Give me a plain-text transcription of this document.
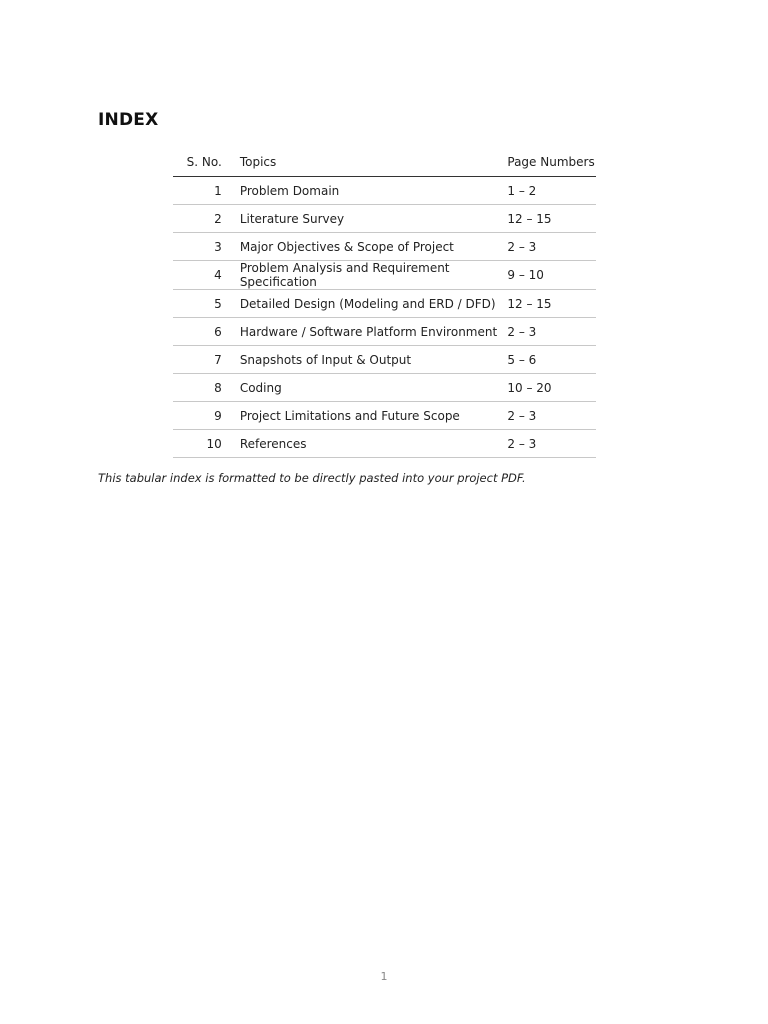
INDEX
S. No.	Topics	Page Numbers
1	Problem Domain	1 – 2
2	Literature Survey	12 – 15
3	Major Objectives & Scope of Project	2 – 3
4	Problem Analysis and Requirement Specification	9 – 10
5	Detailed Design (Modeling and ERD / DFD)	12 – 15
6	Hardware / Software Platform Environment	2 – 3
7	Snapshots of Input & Output	5 – 6
8	Coding	10 – 20
9	Project Limitations and Future Scope	2 – 3
10	References	2 – 3
This tabular index is formatted to be directly pasted into your project PDF.
1
